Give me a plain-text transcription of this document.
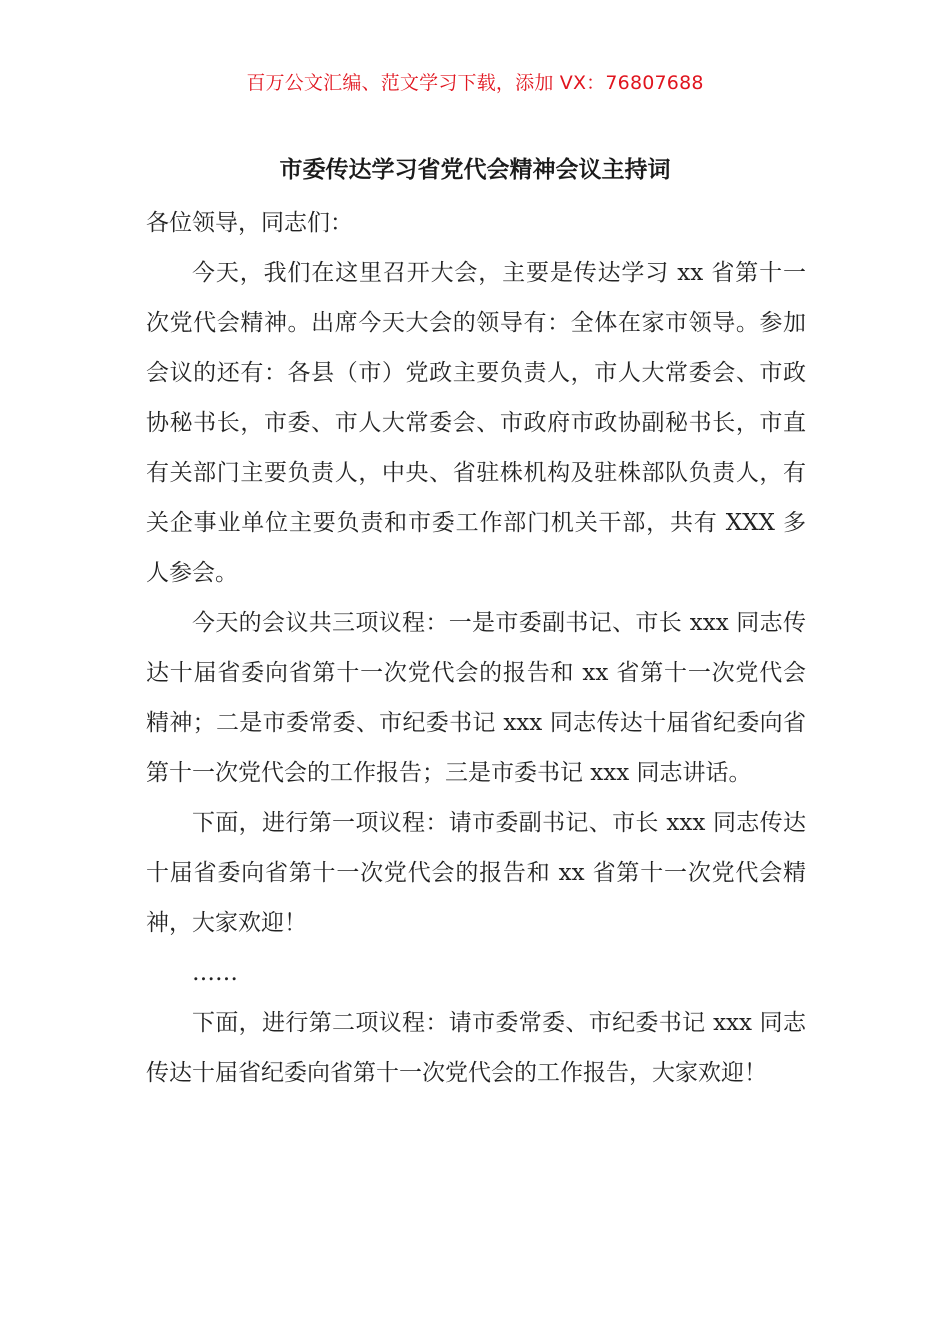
百万公文汇编、范文学习下载，添加 VX：76807688
市委传达学习省党代会精神会议主持词

各位领导，同志们：

今天，我们在这里召开大会，主要是传达学习 xx 省第十一次党代会精神。出席今天大会的领导有：全体在家市领导。参加会议的还有：各县（市）党政主要负责人，市人大常委会、市政协秘书长，市委、市人大常委会、市政府市政协副秘书长，市直有关部门主要负责人，中央、省驻株机构及驻株部队负责人，有关企事业单位主要负责和市委工作部门机关干部，共有 XXX 多人参会。

今天的会议共三项议程：一是市委副书记、市长 xxx 同志传达十届省委向省第十一次党代会的报告和 xx 省第十一次党代会精神；二是市委常委、市纪委书记 xxx 同志传达十届省纪委向省第十一次党代会的工作报告；三是市委书记 xxx 同志讲话。

下面，进行第一项议程：请市委副书记、市长 xxx 同志传达十届省委向省第十一次党代会的报告和 xx 省第十一次党代会精神，大家欢迎！

……

下面，进行第二项议程：请市委常委、市纪委书记 xxx 同志传达十届省纪委向省第十一次党代会的工作报告，大家欢迎！
